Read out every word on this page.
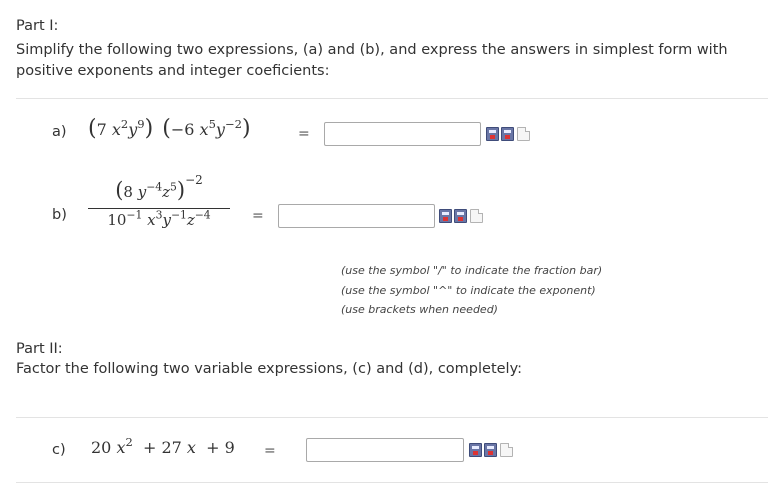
Part I:
Simplify the following two expressions, (a) and (b), and express the answers in simplest form with positive exponents and integer coeficients:
a) (7 $x^2y^9$) (−6 $x^5y^{-2}$)	=
b)
(8 $y^{-4}z^5)^{-2}$
$10^{-1}$ $x^3y^{-1}z^{-4}$	=
(use the symbol "/" to indicate the fraction bar)
(use the symbol "^" to indicate the exponent)
(use brackets when needed)
Part II:
Factor the following two variable expressions, (c) and (d), completely:
c) 20 $x^2 + 27$ x  + 9 =
